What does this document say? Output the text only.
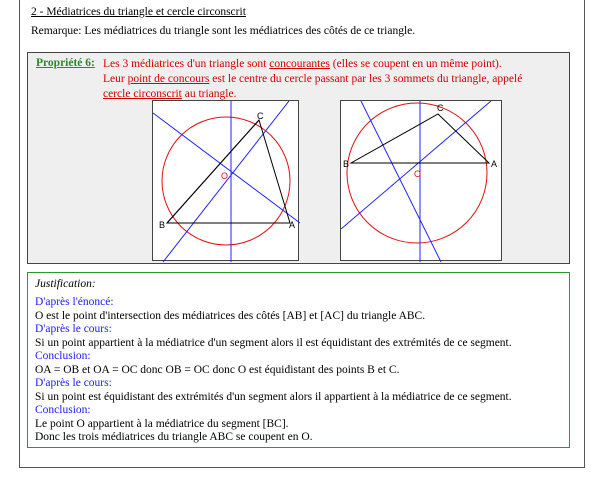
2 - Médiatrices du triangle et cercle circonscrit
Remarque: Les médiatrices du triangle sont les médiatrices des côtés de ce triangle.
Propriété 6: Les 3 médiatrices d'un triangle sont concourantes (elles se coupent en un même point).
Leur point de concours est le centre du cercle passant par les 3 sommets du triangle, appelé
cercle circonscrit au triangle.
A
B
C
O
A
B
C
O
Justification:
D'après l'énoncé:
O est le point d'intersection des médiatrices des côtés [AB] et [AC] du triangle ABC.
D'après le cours:
Si un point appartient à la médiatrice d'un segment alors il est équidistant des extrémités de ce segment.
Conclusion:
OA = OB et OA = OC donc OB = OC donc O est équidistant des points B et C.
D'après le cours:
Si un point est équidistant des extrémités d'un segment alors il appartient à la médiatrice de ce segment.
Conclusion:
Le point O appartient à la médiatrice du segment [BC].
Donc les trois médiatrices du triangle ABC se coupent en O.
